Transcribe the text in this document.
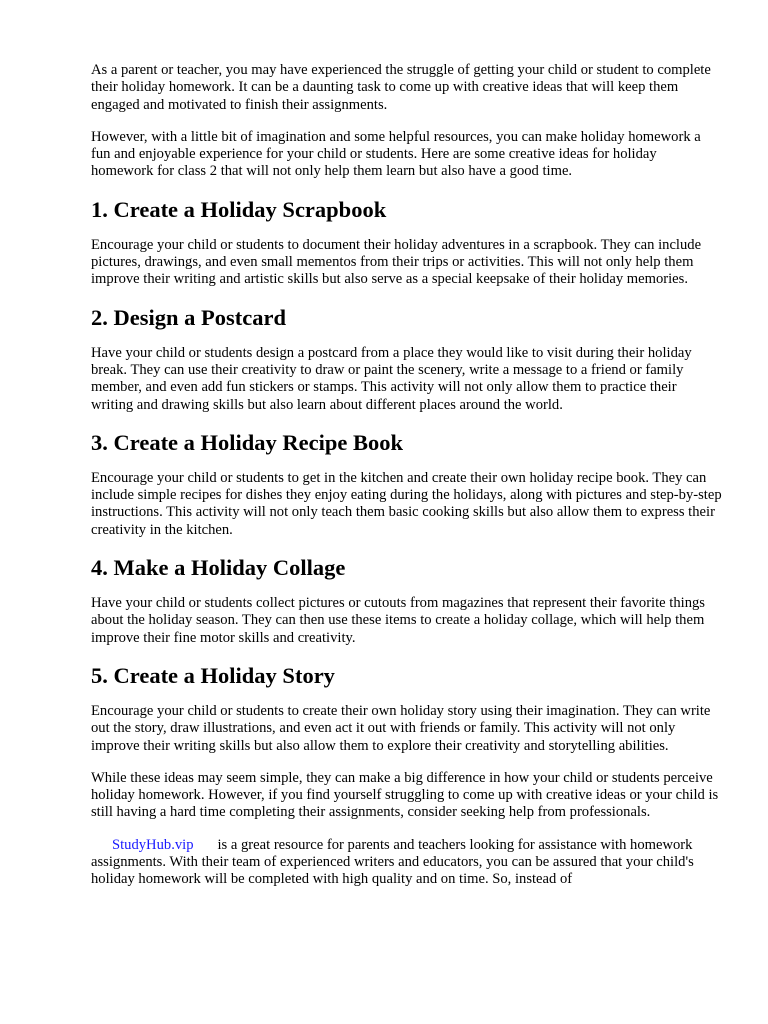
As a parent or teacher, you may have experienced the struggle of getting your child or student to complete their holiday homework. It can be a daunting task to come up with creative ideas that will keep them engaged and motivated to finish their assignments.

However, with a little bit of imagination and some helpful resources, you can make holiday homework a fun and enjoyable experience for your child or students. Here are some creative ideas for holiday homework for class 2 that will not only help them learn but also have a good time.

1. Create a Holiday Scrapbook

Encourage your child or students to document their holiday adventures in a scrapbook. They can include pictures, drawings, and even small mementos from their trips or activities. This will not only help them improve their writing and artistic skills but also serve as a special keepsake of their holiday memories.

2. Design a Postcard

Have your child or students design a postcard from a place they would like to visit during their holiday break. They can use their creativity to draw or paint the scenery, write a message to a friend or family member, and even add fun stickers or stamps. This activity will not only allow them to practice their writing and drawing skills but also learn about different places around the world.

3. Create a Holiday Recipe Book

Encourage your child or students to get in the kitchen and create their own holiday recipe book. They can include simple recipes for dishes they enjoy eating during the holidays, along with pictures and step-by-step instructions. This activity will not only teach them basic cooking skills but also allow them to express their creativity in the kitchen.

4. Make a Holiday Collage

Have your child or students collect pictures or cutouts from magazines that represent their favorite things about the holiday season. They can then use these items to create a holiday collage, which will help them improve their fine motor skills and creativity.

5. Create a Holiday Story

Encourage your child or students to create their own holiday story using their imagination. They can write out the story, draw illustrations, and even act it out with friends or family. This activity will not only improve their writing skills but also allow them to explore their creativity and storytelling abilities.

While these ideas may seem simple, they can make a big difference in how your child or students perceive holiday homework. However, if you find yourself struggling to come up with creative ideas or your child is still having a hard time completing their assignments, consider seeking help from professionals.

StudyHub.vip is a great resource for parents and teachers looking for assistance with homework assignments. With their team of experienced writers and educators, you can be assured that your child's holiday homework will be completed with high quality and on time. So, instead of
